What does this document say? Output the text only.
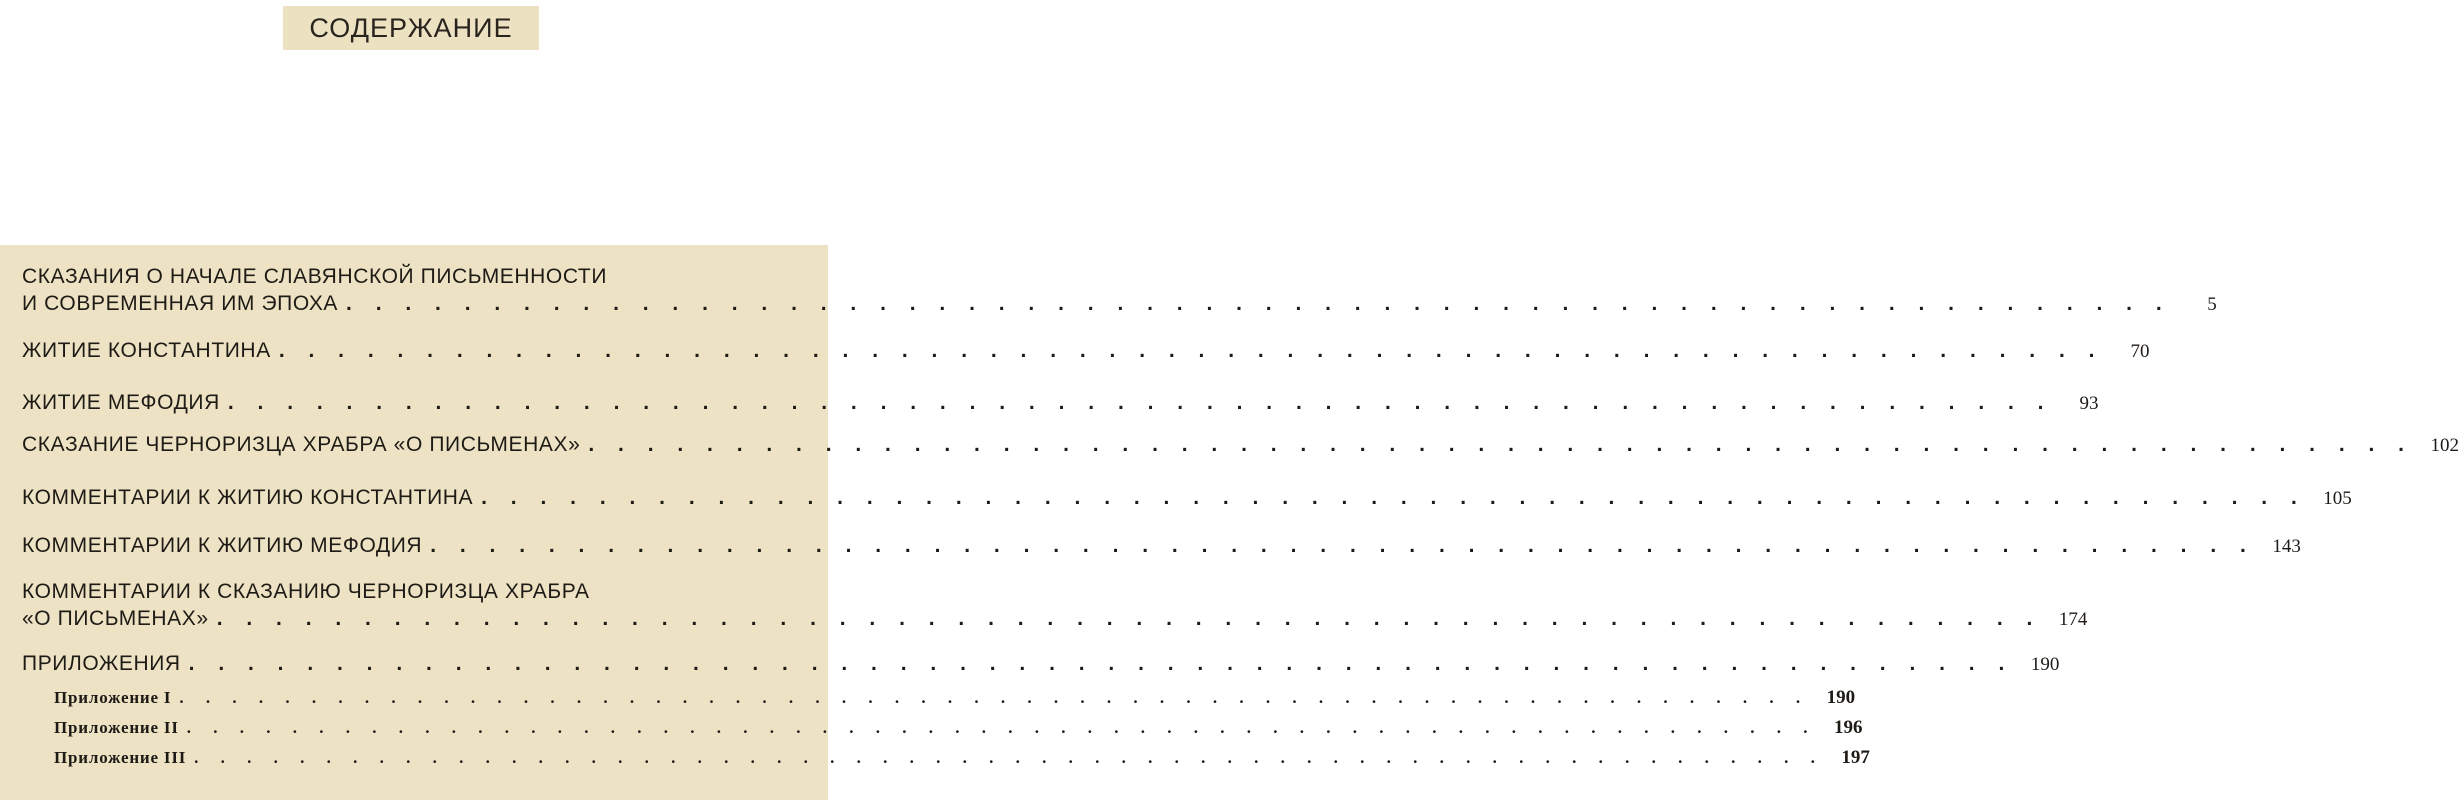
СОДЕРЖАНИЕ
СКАЗАНИЯ О НАЧАЛЕ СЛАВЯНСКОЙ ПИСЬМЕННОСТИ
И СОВРЕМЕННАЯ ИМ ЭПОХА . . . . . . . . . . . . . . . . . . . . . . . . . . . . . . . . . . . . . . . . . . . . . . . . . . . . . . . . . . . . . .	5
ЖИТИЕ КОНСТАНТИНА . . . . . . . . . . . . . . . . . . . . . . . . . . . . . . . . . . . . . . . . . . . . . . . . . . . . . . . . . . . . . .	70
ЖИТИЕ МЕФОДИЯ . . . . . . . . . . . . . . . . . . . . . . . . . . . . . . . . . . . . . . . . . . . . . . . . . . . . . . . . . . . . . .	93
СКАЗАНИЕ ЧЕРНОРИЗЦА ХРАБРА «О ПИСЬМЕНАХ» . . . . . . . . . . . . . . . . . . . . . . . . . . . . . . . . . . . . . . . . . . . . . . . . . . . . . . . . . . . . . . 102
КОММЕНТАРИИ К ЖИТИЮ КОНСТАНТИНА . . . . . . . . . . . . . . . . . . . . . . . . . . . . . . . . . . . . . . . . . . . . . . . . . . . . . . . . . . . . . . 105
КОММЕНТАРИИ К ЖИТИЮ МЕФОДИЯ . . . . . . . . . . . . . . . . . . . . . . . . . . . . . . . . . . . . . . . . . . . . . . . . . . . . . . . . . . . . . . 143
КОММЕНТАРИИ К СКАЗАНИЮ ЧЕРНОРИЗЦА ХРАБРА
«О ПИСЬМЕНАХ» . . . . . . . . . . . . . . . . . . . . . . . . . . . . . . . . . . . . . . . . . . . . . . . . . . . . . . . . . . . . . . 174
ПРИЛОЖЕНИЯ . . . . . . . . . . . . . . . . . . . . . . . . . . . . . . . . . . . . . . . . . . . . . . . . . . . . . . . . . . . . . . 190
Приложение I . . . . . . . . . . . . . . . . . . . . . . . . . . . . . . . . . . . . . . . . . . . . . . . . . . . . . . . . . . . . . . 190
Приложение II . . . . . . . . . . . . . . . . . . . . . . . . . . . . . . . . . . . . . . . . . . . . . . . . . . . . . . . . . . . . . . 196
Приложение III . . . . . . . . . . . . . . . . . . . . . . . . . . . . . . . . . . . . . . . . . . . . . . . . . . . . . . . . . . . . . . 197
